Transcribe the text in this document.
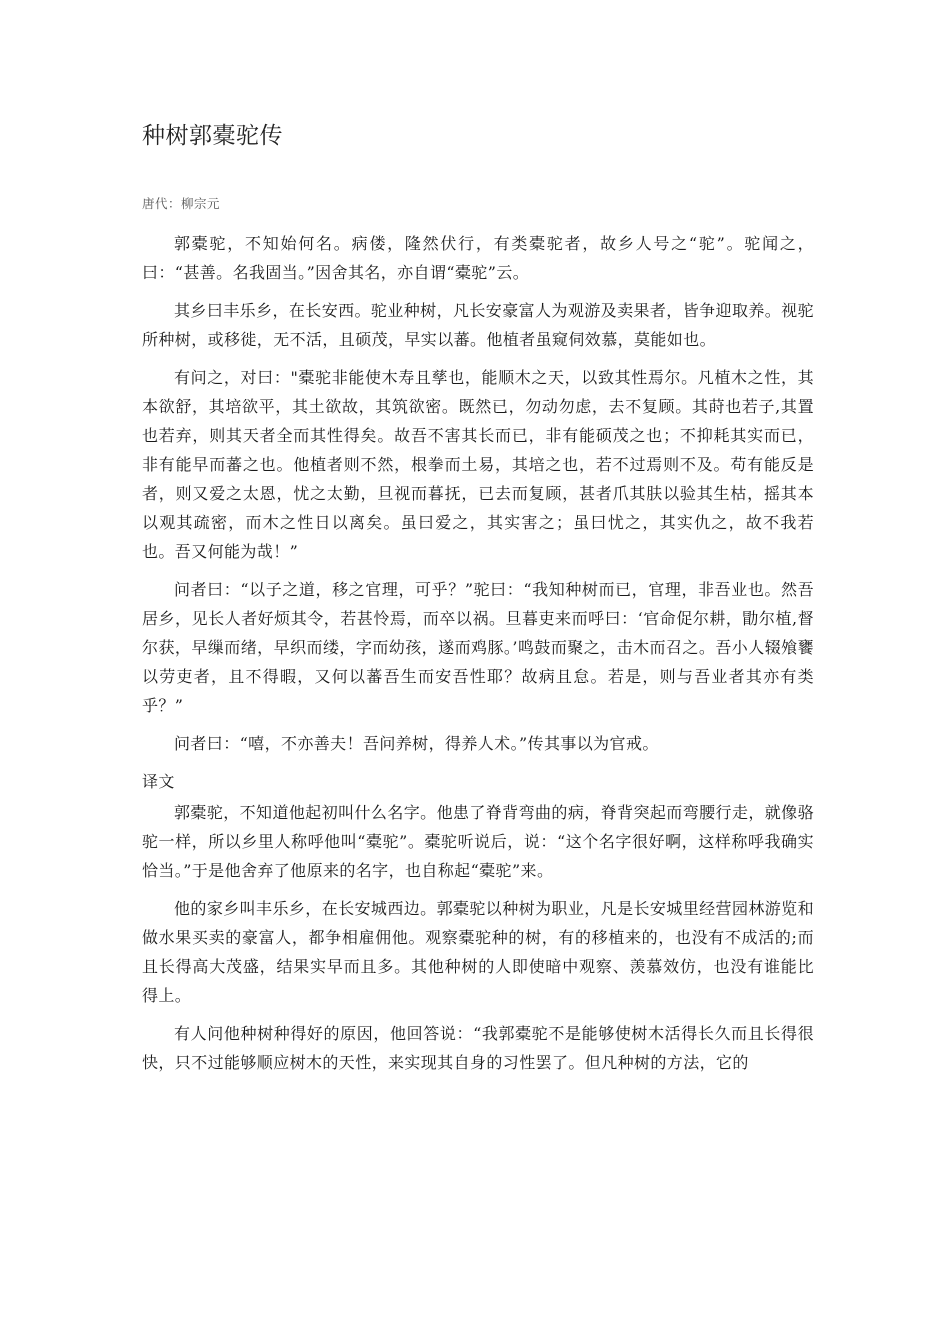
种树郭橐驼传
唐代：柳宗元

郭橐驼，不知始何名。病偻，隆然伏行，有类橐驼者，故乡人号之“驼”。驼闻之，曰：“甚善。名我固当。”因舍其名，亦自谓“橐驼”云。

其乡曰丰乐乡，在长安西。驼业种树，凡长安豪富人为观游及卖果者，皆争迎取养。视驼所种树，或移徙，无不活，且硕茂，早实以蕃。他植者虽窥伺效慕，莫能如也。

有问之，对曰："橐驼非能使木寿且孳也，能顺木之天，以致其性焉尔。凡植木之性，其本欲舒，其培欲平，其土欲故，其筑欲密。既然已，勿动勿虑，去不复顾。其莳也若子,其置也若弃，则其天者全而其性得矣。故吾不害其长而已，非有能硕茂之也；不抑耗其实而已，非有能早而蕃之也。他植者则不然，根拳而土易，其培之也，若不过焉则不及。苟有能反是者，则又爱之太恩，忧之太勤，旦视而暮抚，已去而复顾，甚者爪其肤以验其生枯，摇其本以观其疏密，而木之性日以离矣。虽曰爱之，其实害之；虽曰忧之，其实仇之，故不我若也。吾又何能为哉！”

问者曰：“以子之道，移之官理，可乎？”驼曰：“我知种树而已，官理，非吾业也。然吾居乡，见长人者好烦其令，若甚怜焉，而卒以祸。旦暮吏来而呼曰：‘官命促尔耕，勖尔植,督尔获，早缫而绪，早织而缕，字而幼孩，遂而鸡豚。’鸣鼓而聚之，击木而召之。吾小人辍飧饔以劳吏者，且不得暇，又何以蕃吾生而安吾性耶？故病且怠。若是，则与吾业者其亦有类乎？”

问者曰：“嘻，不亦善夫！吾问养树，得养人术。”传其事以为官戒。

译文

郭橐驼，不知道他起初叫什么名字。他患了脊背弯曲的病，脊背突起而弯腰行走，就像骆驼一样，所以乡里人称呼他叫“橐驼”。橐驼听说后，说：“这个名字很好啊，这样称呼我确实恰当。”于是他舍弃了他原来的名字，也自称起“橐驼”来。

他的家乡叫丰乐乡，在长安城西边。郭橐驼以种树为职业，凡是长安城里经营园林游览和做水果买卖的豪富人，都争相雇佣他。观察橐驼种的树，有的移植来的，也没有不成活的;而且长得高大茂盛，结果实早而且多。其他种树的人即使暗中观察、羡慕效仿，也没有谁能比得上。

有人问他种树种得好的原因，他回答说：“我郭橐驼不是能够使树木活得长久而且长得很快，只不过能够顺应树木的天性，来实现其自身的习性罢了。但凡种树的方法，它的
